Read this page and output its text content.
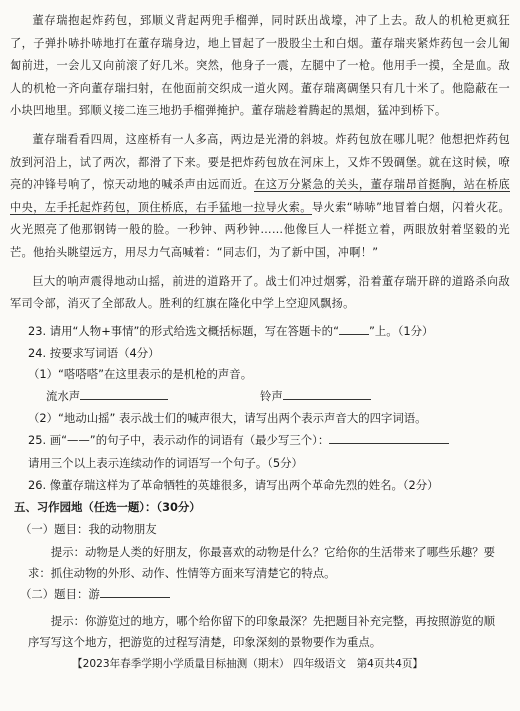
董存瑞抱起炸药包，郅顺义背起两兜手榴弹，同时跃出战壕，冲了上去。敌人的机枪更疯狂了，子弹扑哧扑哧地打在董存瑞身边，地上冒起了一股股尘土和白烟。董存瑞夹紧炸药包一会儿匍匐前进，一会儿又向前滚了好几米。突然，他身子一震，左腿中了一枪。他用手一摸，全是血。敌人的机枪一齐向董存瑞扫射，在他面前交织成一道火网。董存瑞离碉堡只有几十米了。他隐蔽在一小块凹地里。郅顺义接二连三地扔手榴弹掩护。董存瑞趁着腾起的黑烟，猛冲到桥下。

董存瑞看看四周，这座桥有一人多高，两边是光滑的斜坡。炸药包放在哪儿呢？他想把炸药包放到河沿上，试了两次，都滑了下来。要是把炸药包放在河床上，又炸不毁碉堡。就在这时候，嘹亮的冲锋号响了，惊天动地的喊杀声由远而近。在这万分紧急的关头，董存瑞昂首挺胸，站在桥底中央，左手托起炸药包，顶住桥底，右手猛地一拉导火索。导火索“哧哧”地冒着白烟，闪着火花。火光照亮了他那钢铸一般的脸。一秒钟、两秒钟……他像巨人一样挺立着，两眼放射着坚毅的光芒。他抬头眺望远方，用尽力气高喊着：“同志们，为了新中国，冲啊！”

巨大的响声震得地动山摇，前进的道路开了。战士们冲过烟雾，沿着董存瑞开辟的道路杀向敌军司令部，消灭了全部敌人。胜利的红旗在隆化中学上空迎风飘扬。

23. 请用“人物+事情”的形式给选文概括标题，写在答题卡的“	”上。（1分）
24. 按要求写词语（4分）
（1）“嗒嗒嗒”在这里表示的是机枪的声音。
流水声	铃声
（2）“地动山摇” 表示战士们的喊声很大，请写出两个表示声音大的四字词语。
25. 画“——”的句子中，表示动作的词语有（最少写三个）：
请用三个以上表示连续动作的词语写一个句子。（5分）
26. 像董存瑞这样为了革命牺牲的英雄很多，请写出两个革命先烈的姓名。（2分）
五、习作园地（任选一题）：（30分）
（一）题目：我的动物朋友
提示：动物是人类的好朋友，你最喜欢的动物是什么？它给你的生活带来了哪些乐趣？要求：抓住动物的外形、动作、性情等方面来写清楚它的特点。
（二）题目：游
提示：你游览过的地方，哪个给你留下的印象最深？先把题目补充完整，再按照游览的顺序写写这个地方，把游览的过程写清楚，印象深刻的景物要作为重点。
【2023年春季学期小学质量目标抽测（期末） 四年级语文　第4页共4页】
